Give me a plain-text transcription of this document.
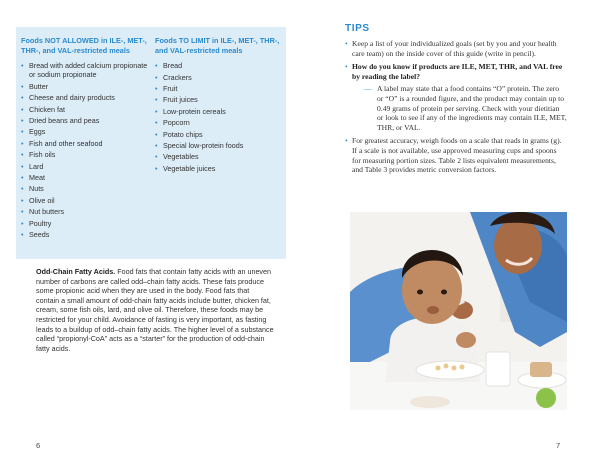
Foods NOT ALLOWED in ILE-, MET-, THR-, and VAL-restricted meals
• Bread with added calcium propionate or sodium propionate
• Butter
• Cheese and dairy products
• Chicken fat
• Dried beans and peas
• Eggs
• Fish and other seafood
• Fish oils
• Lard
• Meat
• Nuts
• Olive oil
• Nut butters
• Poultry
• Seeds
Foods TO LIMIT in ILE-, MET-, THR-, and VAL-restricted meals
• Bread
• Crackers
• Fruit
• Fruit juices
• Low-protein cereals
• Popcorn
• Potato chips
• Special low-protein foods
• Vegetables
• Vegetable juices

Odd-Chain Fatty Acids. Food fats that contain fatty acids with an uneven number of carbons are called odd–chain fatty acids. These fats produce some propionic acid when they are used in the body. Food fats that contain a small amount of odd-chain fatty acids include butter, chicken fat, cream, some fish oils, lard, and olive oil. Therefore, these foods may be restricted for your child. Avoidance of fasting is very important, as fasting leads to a buildup of odd–chain fatty acids. The higher level of a substance called “propionyl-CoA” acts as a “starter” for the production of odd-chain fatty acids.

6
TIPS
• Keep a list of your individualized goals (set by you and your health care team) on the inside cover of this guide (write in pencil).
• How do you know if products are ILE, MET, THR, and VAL free by reading the label?
— A label may state that a food contains “O” protein. The zero or “O” is a rounded figure, and the product may contain up to 0.49 grams of protein per serving. Check with your dietitian or look to see if any of the ingredients may contain ILE, MET, THR, or VAL.
• For greatest accuracy, weigh foods on a scale that reads in grams (g). If a scale is not available, use approved measuring cups and spoons for measuring portion sizes. Table 2 lists equivalent measurements, and Table 3 provides metric conversion factors.
7
